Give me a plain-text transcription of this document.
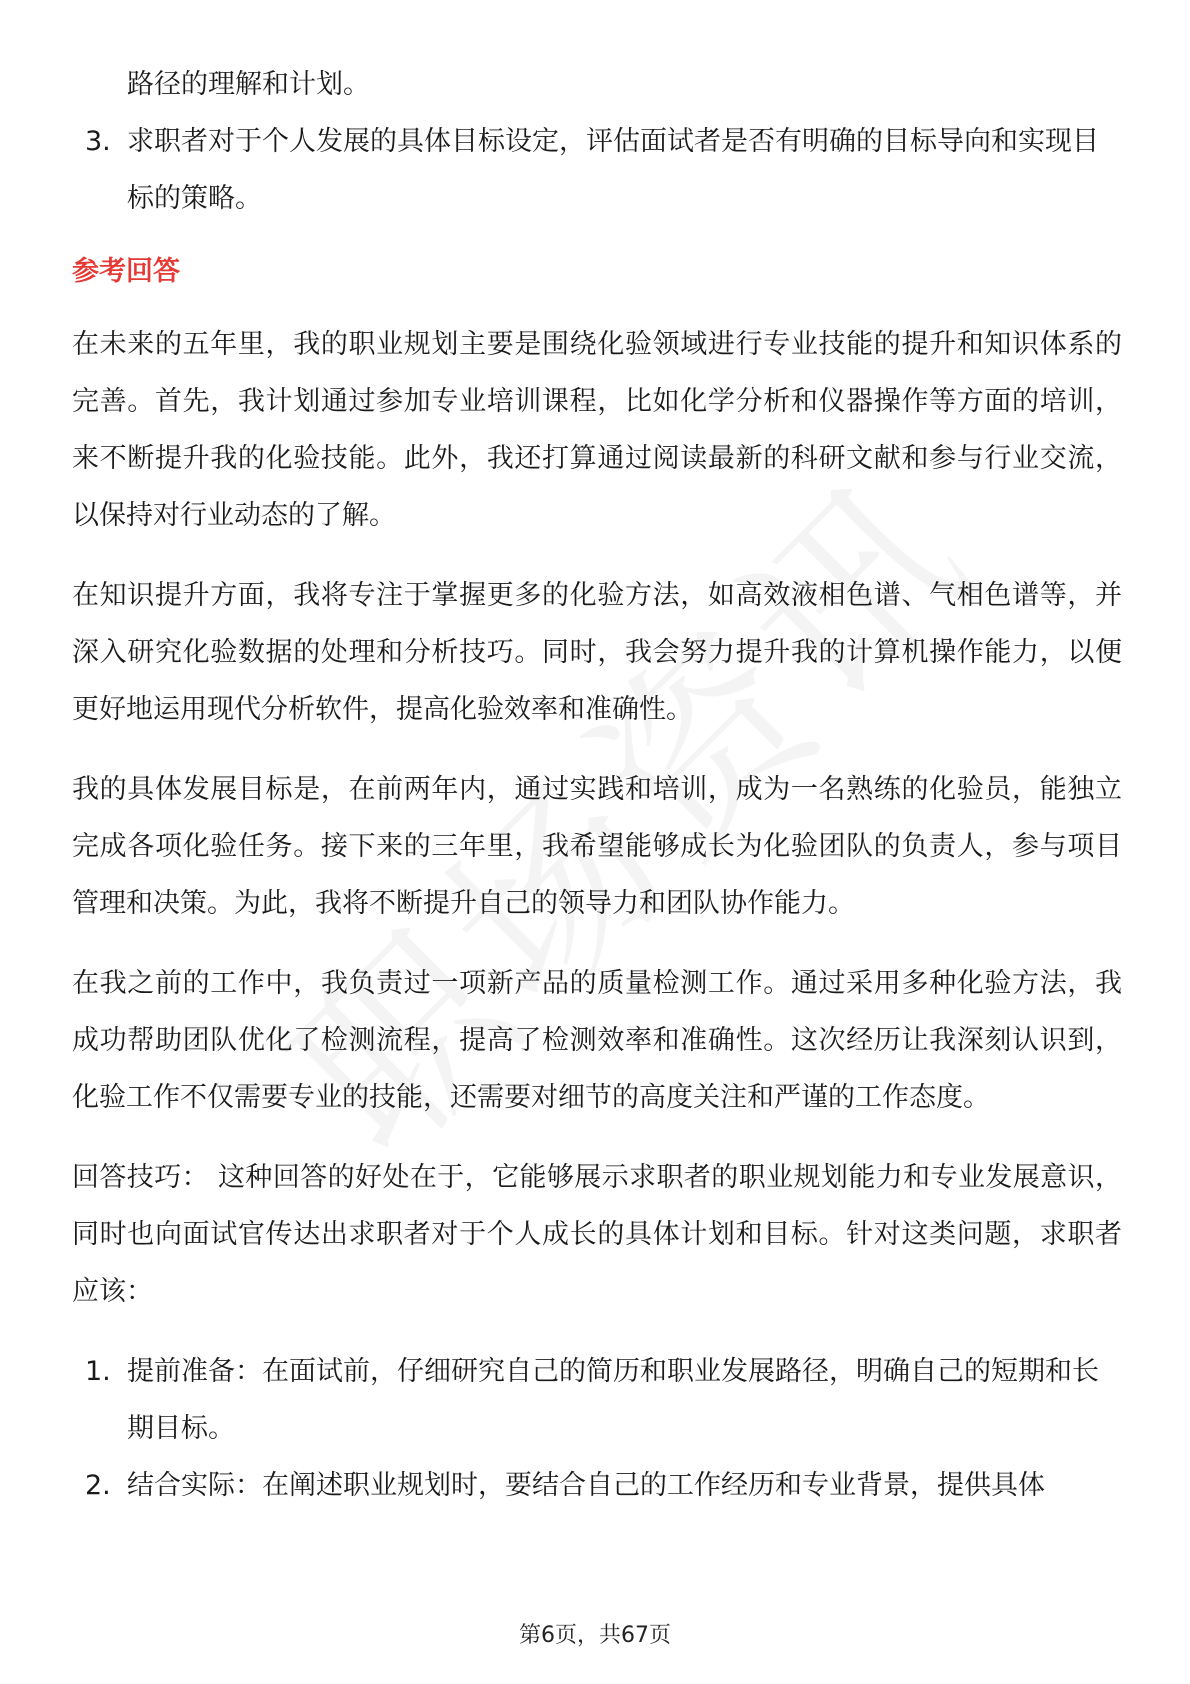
路径的理解和计划。

3. 求职者对于个人发展的具体目标设定，评估面试者是否有明确的目标导向和实现目标的策略。

参考回答

在未来的五年里，我的职业规划主要是围绕化验领域进行专业技能的提升和知识体系的完善。首先，我计划通过参加专业培训课程，比如化学分析和仪器操作等方面的培训，来不断提升我的化验技能。此外，我还打算通过阅读最新的科研文献和参与行业交流，以保持对行业动态的了解。

在知识提升方面，我将专注于掌握更多的化验方法，如高效液相色谱、气相色谱等，并深入研究化验数据的处理和分析技巧。同时，我会努力提升我的计算机操作能力，以便更好地运用现代分析软件，提高化验效率和准确性。

我的具体发展目标是，在前两年内，通过实践和培训，成为一名熟练的化验员，能独立完成各项化验任务。接下来的三年里，我希望能够成长为化验团队的负责人，参与项目管理和决策。为此，我将不断提升自己的领导力和团队协作能力。

在我之前的工作中，我负责过一项新产品的质量检测工作。通过采用多种化验方法，我成功帮助团队优化了检测流程，提高了检测效率和准确性。这次经历让我深刻认识到，化验工作不仅需要专业的技能，还需要对细节的高度关注和严谨的工作态度。

回答技巧： 这种回答的好处在于，它能够展示求职者的职业规划能力和专业发展意识，同时也向面试官传达出求职者对于个人成长的具体计划和目标。针对这类问题，求职者应该：

1. 提前准备：在面试前，仔细研究自己的简历和职业发展路径，明确自己的短期和长期目标。
2. 结合实际：在阐述职业规划时，要结合自己的工作经历和专业背景，提供具体
第6页，共67页
